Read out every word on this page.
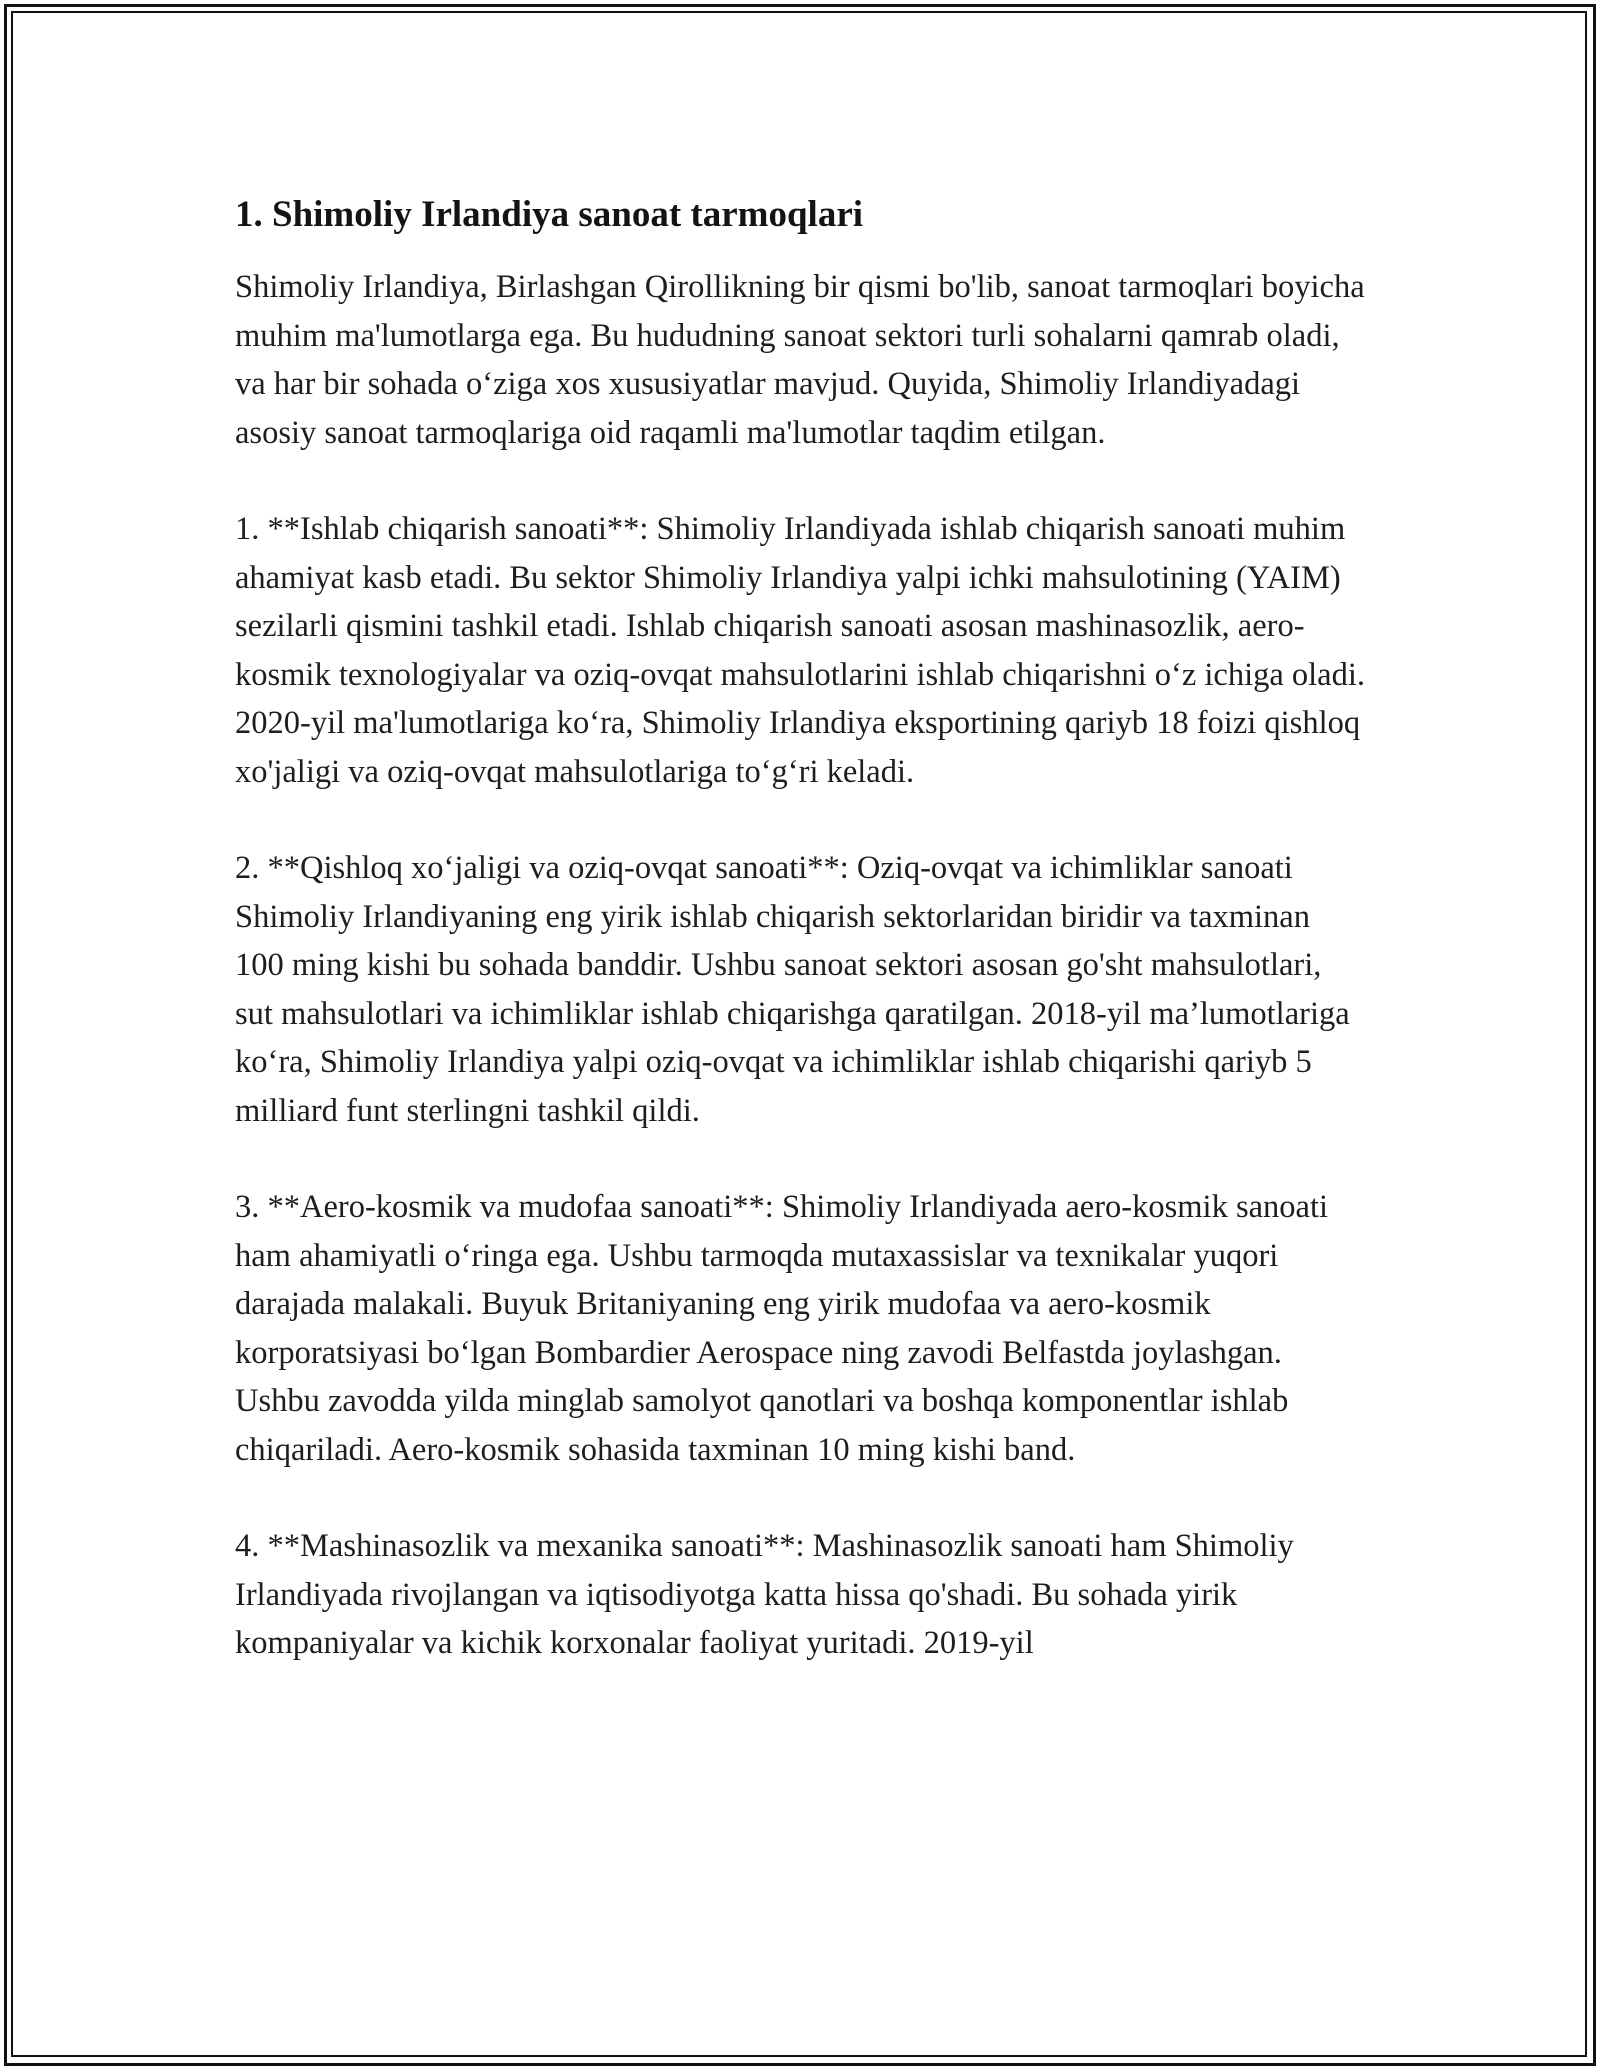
1. Shimoliy Irlandiya sanoat tarmoqlari

Shimoliy Irlandiya, Birlashgan Qirollikning bir qismi bo'lib, sanoat tarmoqlari boyicha muhim ma'lumotlarga ega. Bu hududning sanoat sektori turli sohalarni qamrab oladi, va har bir sohada o‘ziga xos xususiyatlar mavjud. Quyida, Shimoliy Irlandiyadagi asosiy sanoat tarmoqlariga oid raqamli ma'lumotlar taqdim etilgan.

1. **Ishlab chiqarish sanoati**: Shimoliy Irlandiyada ishlab chiqarish sanoati muhim ahamiyat kasb etadi. Bu sektor Shimoliy Irlandiya yalpi ichki mahsulotining (YAIM) sezilarli qismini tashkil etadi. Ishlab chiqarish sanoati asosan mashinasozlik, aero-kosmik texnologiyalar va oziq-ovqat mahsulotlarini ishlab chiqarishni o‘z ichiga oladi. 2020-yil ma'lumotlariga ko‘ra, Shimoliy Irlandiya eksportining qariyb 18 foizi qishloq xo'jaligi va oziq-ovqat mahsulotlariga to‘g‘ri keladi.

2. **Qishloq xo‘jaligi va oziq-ovqat sanoati**: Oziq-ovqat va ichimliklar sanoati Shimoliy Irlandiyaning eng yirik ishlab chiqarish sektorlaridan biridir va taxminan 100 ming kishi bu sohada banddir. Ushbu sanoat sektori asosan go'sht mahsulotlari, sut mahsulotlari va ichimliklar ishlab chiqarishga qaratilgan. 2018-yil ma’lumotlariga ko‘ra, Shimoliy Irlandiya yalpi oziq-ovqat va ichimliklar ishlab chiqarishi qariyb 5 milliard funt sterlingni tashkil qildi.

3. **Aero-kosmik va mudofaa sanoati**: Shimoliy Irlandiyada aero-kosmik sanoati ham ahamiyatli o‘ringa ega. Ushbu tarmoqda mutaxassislar va texnikalar yuqori darajada malakali. Buyuk Britaniyaning eng yirik mudofaa va aero-kosmik korporatsiyasi bo‘lgan Bombardier Aerospace ning zavodi Belfastda joylashgan. Ushbu zavodda yilda minglab samolyot qanotlari va boshqa komponentlar ishlab chiqariladi. Aero-kosmik sohasida taxminan 10 ming kishi band.

4. **Mashinasozlik va mexanika sanoati**: Mashinasozlik sanoati ham Shimoliy Irlandiyada rivojlangan va iqtisodiyotga katta hissa qo'shadi. Bu sohada yirik kompaniyalar va kichik korxonalar faoliyat yuritadi. 2019-yil
